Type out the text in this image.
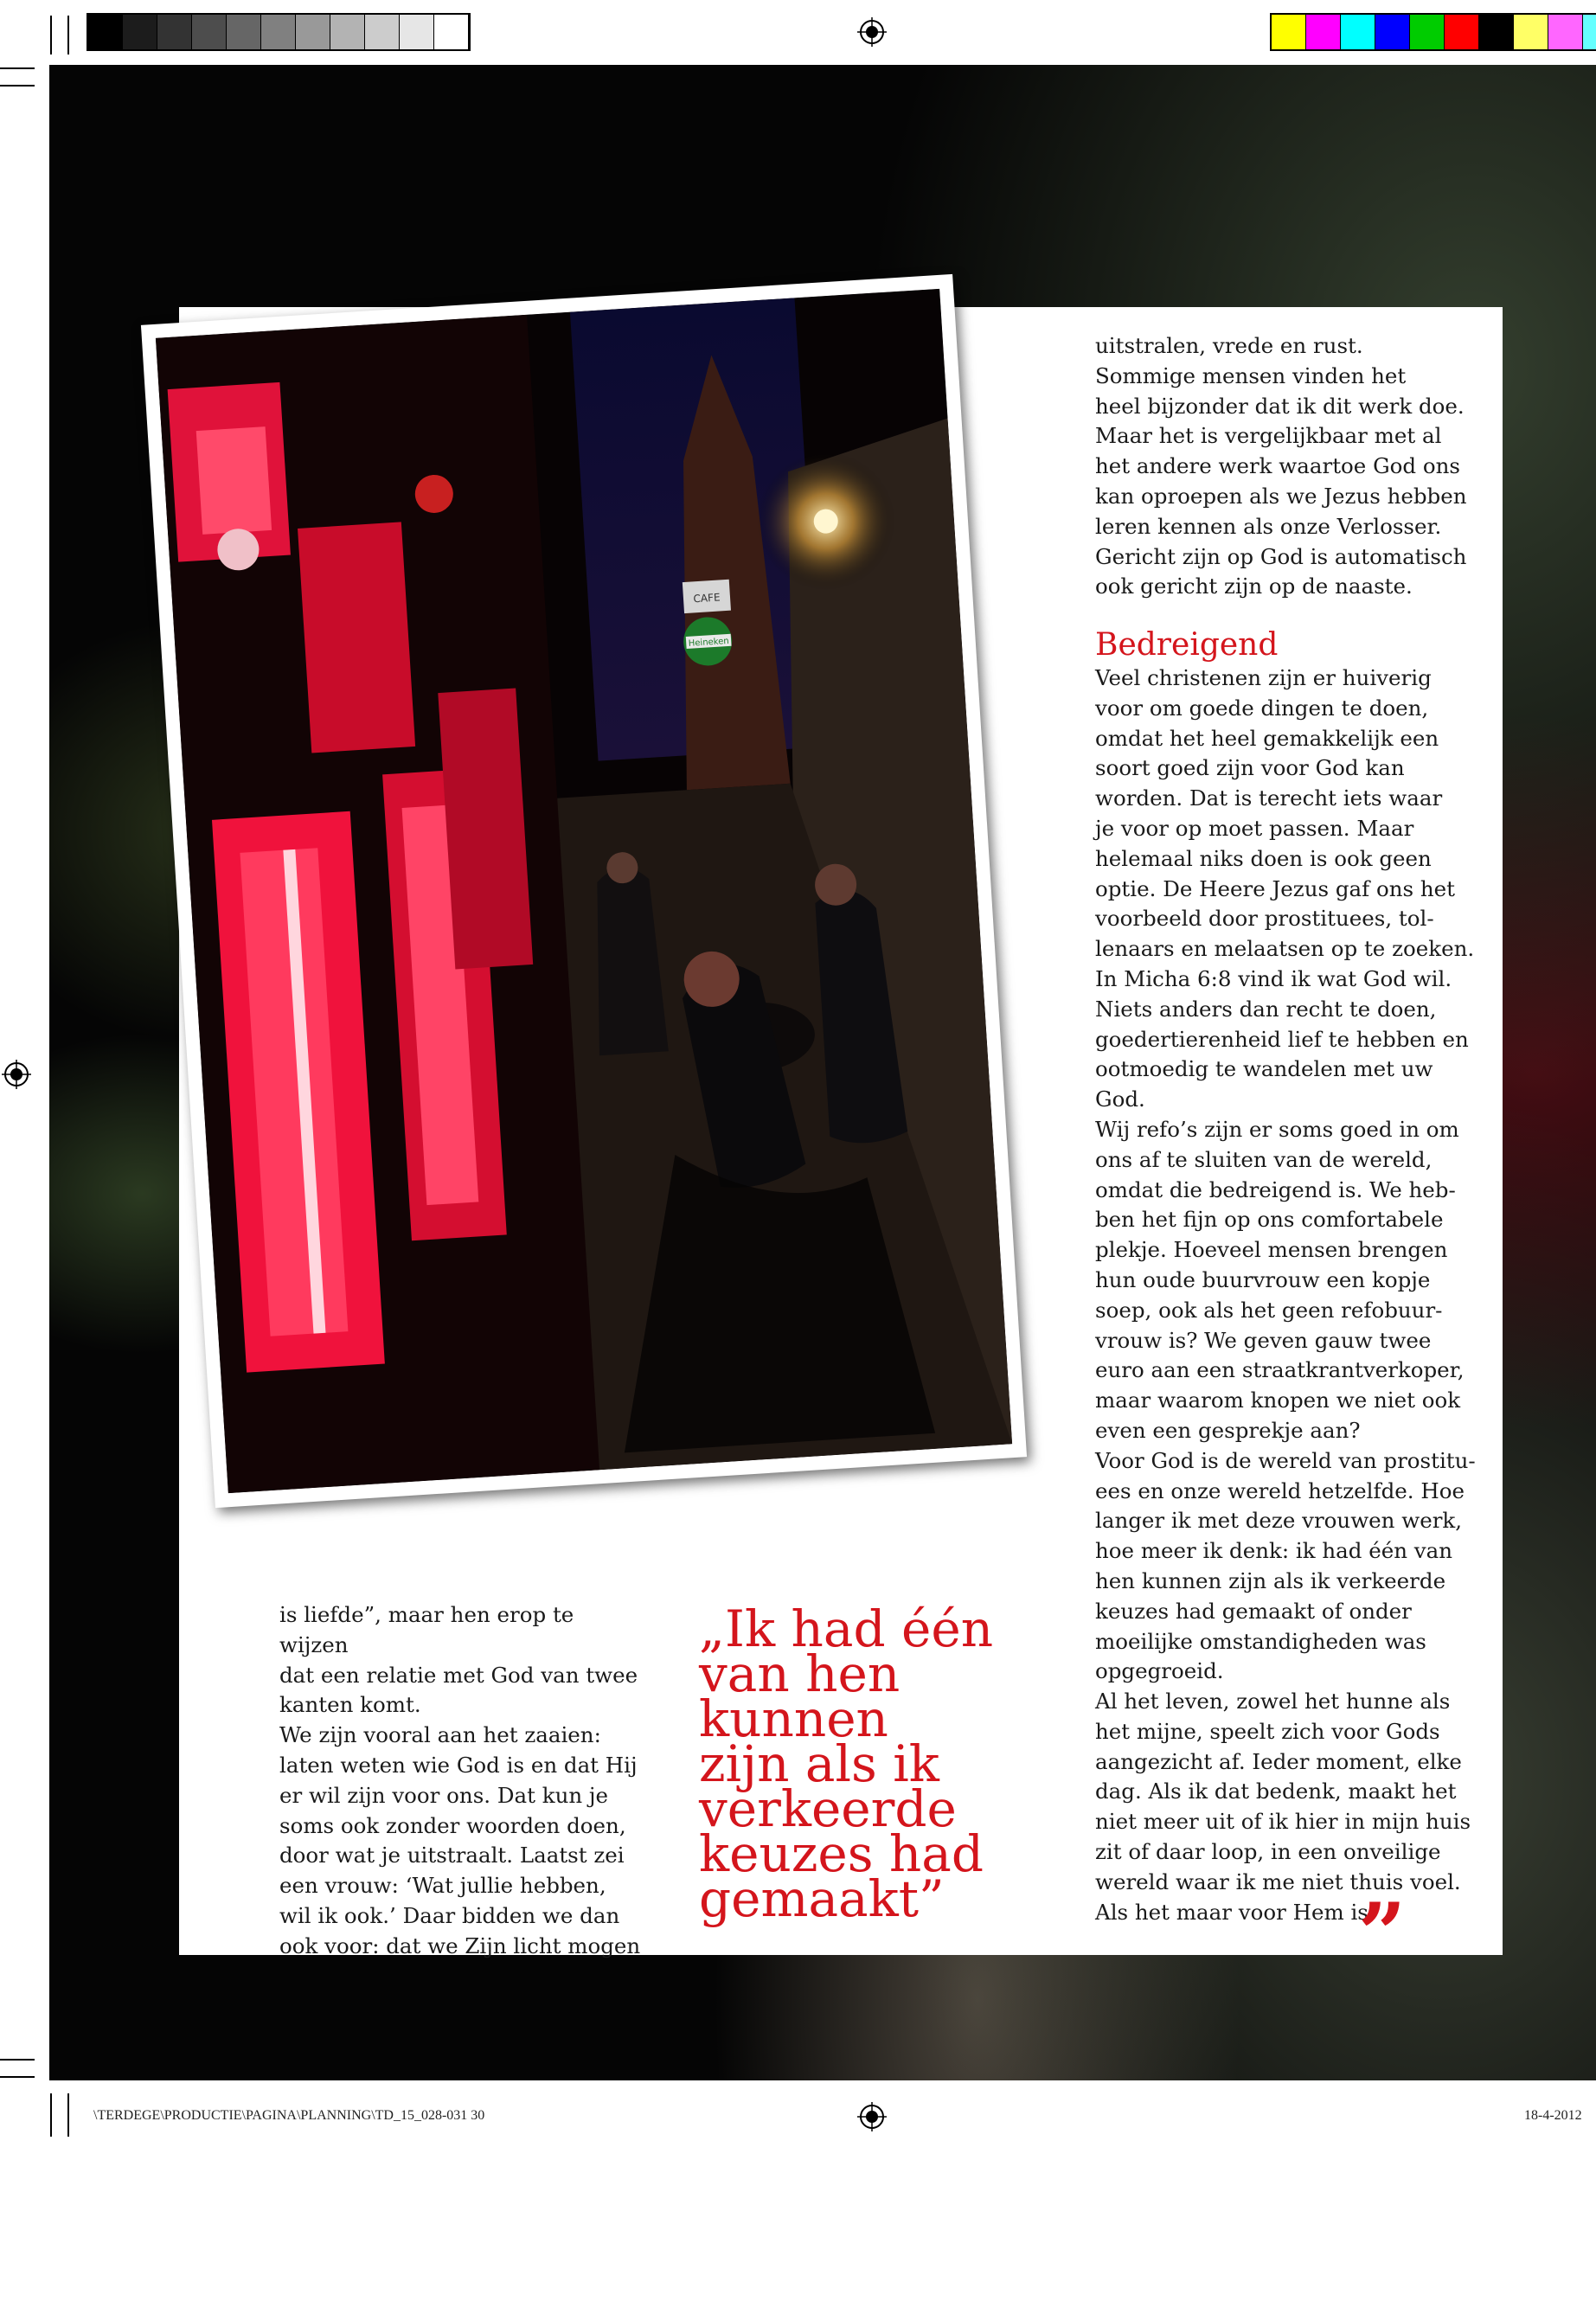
CAFE
Heineken

is liefde”, maar hen erop te wijzen

dat een relatie met God van twee

kanten komt.

We zijn vooral aan het zaaien:

laten weten wie God is en dat Hij

er wil zijn voor ons. Dat kun je

soms ook zonder woorden doen,

door wat je uitstraalt. Laatst zei

een vrouw: ‘Wat jullie hebben,

wil ik ook.’ Daar bidden we dan

ook voor: dat we Zijn licht mogen

„Ik had één
van hen
kunnen
zijn als ik
verkeerde
keuzes had
gemaakt”

uitstralen, vrede en rust.

Sommige mensen vinden het

heel bijzonder dat ik dit werk doe.

Maar het is vergelijkbaar met al

het andere werk waartoe God ons

kan oproepen als we Jezus hebben

leren kennen als onze Verlosser.

Gericht zijn op God is automatisch

ook gericht zijn op de naaste.

Bedreigend

Veel christenen zijn er huiverig

voor om goede dingen te doen,

omdat het heel gemakkelijk een

soort goed zijn voor God kan

worden. Dat is terecht iets waar

je voor op moet passen. Maar

helemaal niks doen is ook geen

optie. De Heere Jezus gaf ons het

voorbeeld door prostituees, tol-

lenaars en melaatsen op te zoeken.

In Micha 6:8 vind ik wat God wil.

Niets anders dan recht te doen,

goedertierenheid lief te hebben en

ootmoedig te wandelen met uw

God.

Wij refo’s zijn er soms goed in om

ons af te sluiten van de wereld,

omdat die bedreigend is. We heb-

ben het fijn op ons comfortabele

plekje. Hoeveel mensen brengen

hun oude buurvrouw een kopje

soep, ook als het geen refobuur-

vrouw is? We geven gauw twee

euro aan een straatkrantverkoper,

maar waarom knopen we niet ook

even een gesprekje aan?

Voor God is de wereld van prostitu-

ees en onze wereld hetzelfde. Hoe

langer ik met deze vrouwen werk,

hoe meer ik denk: ik had één van

hen kunnen zijn als ik verkeerde

keuzes had gemaakt of onder

moeilijke omstandigheden was

opgegroeid.

Al het leven, zowel het hunne als

het mijne, speelt zich voor Gods

aangezicht af. Ieder moment, elke

dag. Als ik dat bedenk, maakt het

niet meer uit of ik hier in mijn huis

zit of daar loop, in een onveilige

wereld waar ik me niet thuis voel.

Als het maar voor Hem is.

”
\TERDEGE\PRODUCTIE\PAGINA\PLANNING\TD_15_028-031 30	18-4-2012
